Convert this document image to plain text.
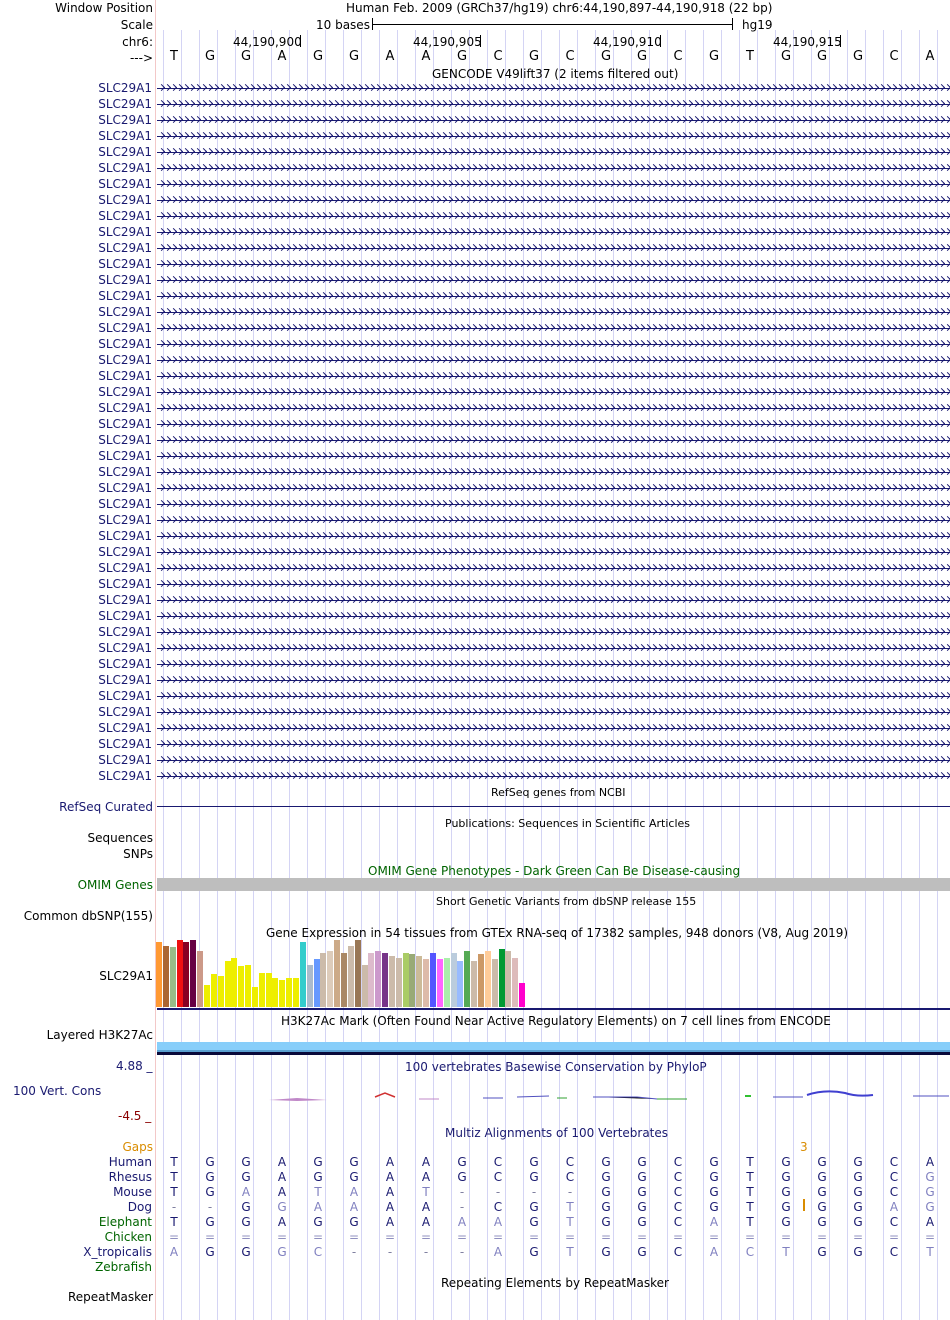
Window Position
Scale
chr6:
--->
Human Feb. 2009 (GRCh37/hg19) chr6:44,190,897-44,190,918 (22 bp)
10 bases	hg19
44,190,900	44,190,905	44,190,910	44,190,915
T G G A G G A A G C G C G G C G T G G G C A
GENCODE V49lift37 (2 items filtered out)
SLC29A1
SLC29A1
SLC29A1
SLC29A1
SLC29A1
SLC29A1
SLC29A1
SLC29A1
SLC29A1
SLC29A1
SLC29A1
SLC29A1
SLC29A1
SLC29A1
SLC29A1
SLC29A1
SLC29A1
SLC29A1
SLC29A1
SLC29A1
SLC29A1
SLC29A1
SLC29A1
SLC29A1
SLC29A1
SLC29A1
SLC29A1
SLC29A1
SLC29A1
SLC29A1
SLC29A1
SLC29A1
SLC29A1
SLC29A1
SLC29A1
SLC29A1
SLC29A1
SLC29A1
SLC29A1
SLC29A1
SLC29A1
SLC29A1
SLC29A1
SLC29A1
RefSeq genes from NCBI
RefSeq Curated
Publications: Sequences in Scientific Articles
Sequences
SNPs
OMIM Gene Phenotypes - Dark Green Can Be Disease-causing
OMIM Genes
Short Genetic Variants from dbSNP release 155
Common dbSNP(155)
Gene Expression in 54 tissues from GTEx RNA-seq of 17382 samples, 948 donors (V8, Aug 2019)
SLC29A1
H3K27Ac Mark (Often Found Near Active Regulatory Elements) on 7 cell lines from ENCODE
Layered H3K27Ac
100 vertebrates Basewise Conservation by PhyloP
4.88 _
100 Vert. Cons
-4.5 _
Multiz Alignments of 100 Vertebrates
Gaps	3
Human T G G A G G A A G C G C G G C G T G G G C A
Rhesus T G G A G G A A G C G C G G C G T G G G C G
Mouse T G A A T A A T	-	-	-	-	G G C G T G G G C G
Dog	-	-	G G A A A A	-	C G T G G C G T G G G A G
Elephant T G G A G G A A A A G T G G C A T G G G C A
Chicken = = = = = = = = = = = = = = = = = = = = = =
X_tropicalis A G G G C	-	-	-	-	A G T G G C A C T G G C T
Zebrafish
Repeating Elements by RepeatMasker
RepeatMasker
